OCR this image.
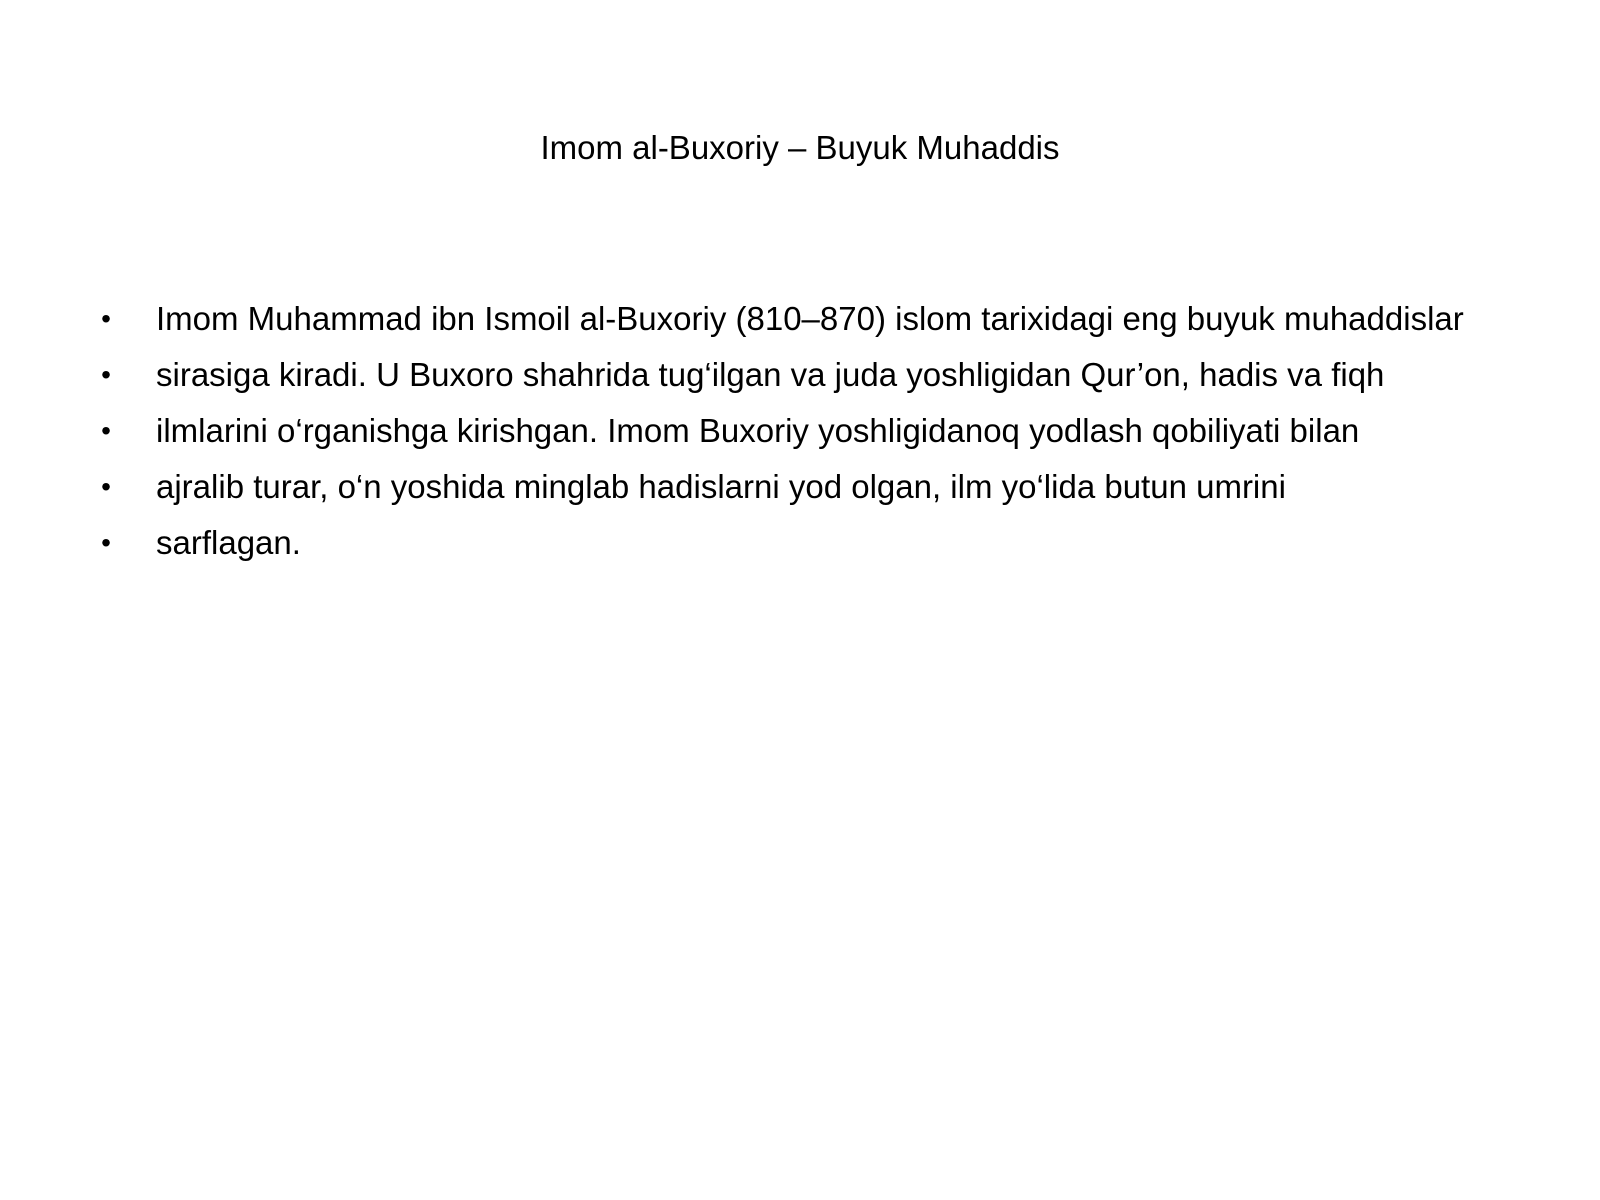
Imom al-Buxoriy – Buyuk Muhaddis
• Imom Muhammad ibn Ismoil al-Buxoriy (810–870) islom tarixidagi eng buyuk muhaddislar
• sirasiga kiradi. U Buxoro shahrida tug‘ilgan va juda yoshligidan Qur’on, hadis va fiqh
• ilmlarini o‘rganishga kirishgan. Imom Buxoriy yoshligidanoq yodlash qobiliyati bilan
• ajralib turar, o‘n yoshida minglab hadislarni yod olgan, ilm yo‘lida butun umrini
• sarflagan.
